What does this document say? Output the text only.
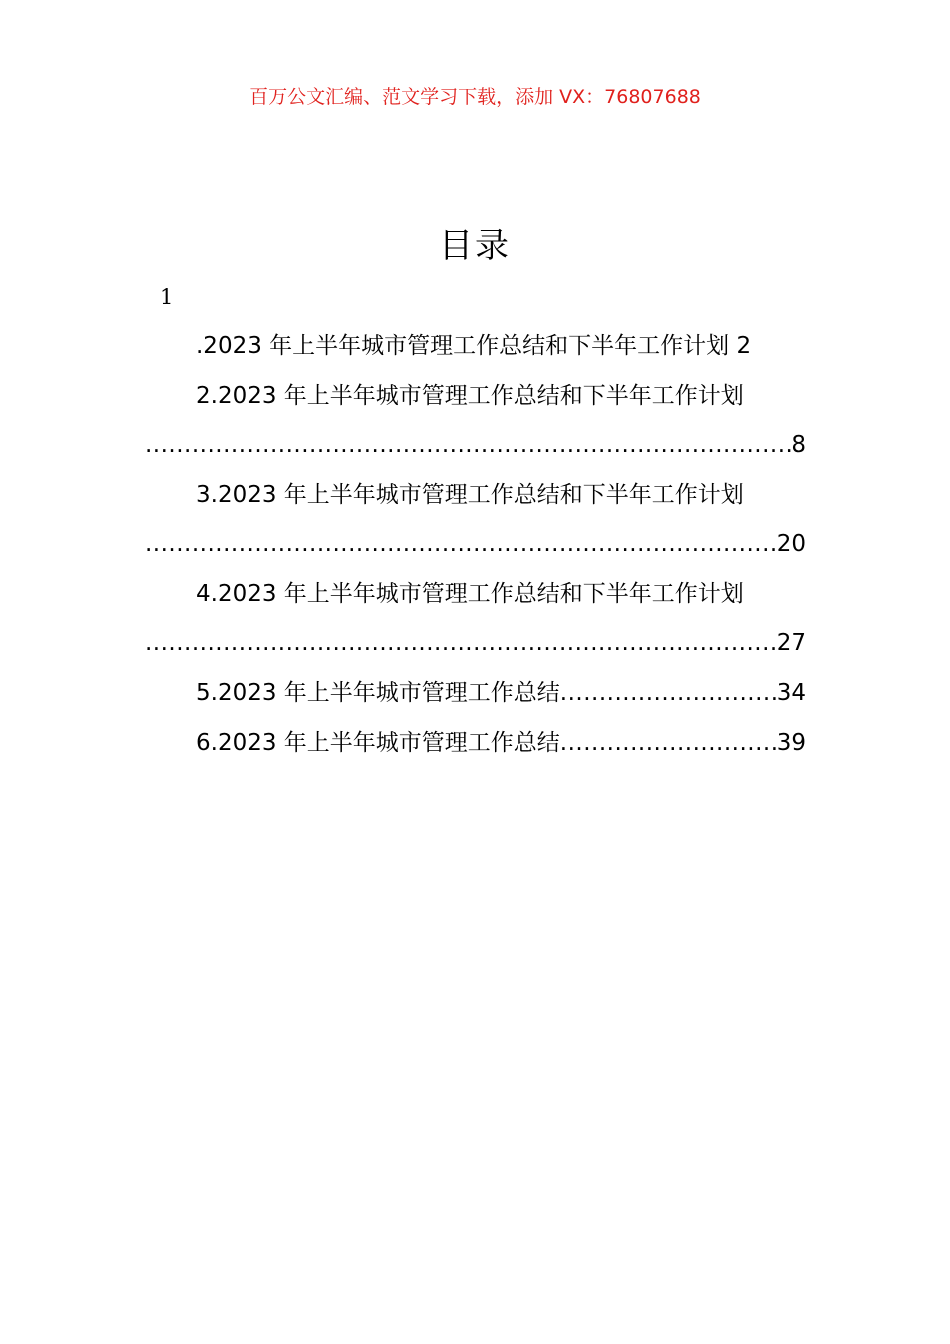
百万公文汇编、范文学习下载，添加 VX：76807688
目录
1
.2023 年上半年城市管理工作总结和下半年工作计划 2
2.2023 年上半年城市管理工作总结和下半年工作计划
.....
8
3.2023 年上半年城市管理工作总结和下半年工作计划
.....
20
4.2023 年上半年城市管理工作总结和下半年工作计划
.....
27
5.2023 年上半年城市管理工作总结 .....	34
6.2023 年上半年城市管理工作总结 .....	39
